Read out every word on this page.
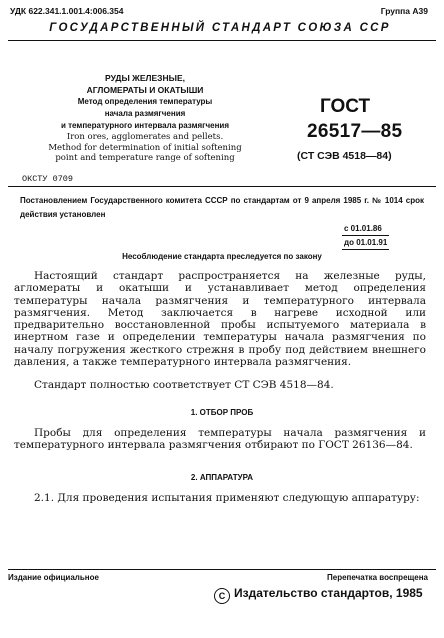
УДК 622.341.1.001.4:006.354	Группа А39
ГОСУДАРСТВЕННЫЙ СТАНДАРТ СОЮЗА ССР
РУДЫ ЖЕЛЕЗНЫЕ,
АГЛОМЕРАТЫ И ОКАТЫШИ
Метод определения температуры
начала размягчения
и температурного интервала размягчения
Iron ores, agglomerates and pellets.
Method for determination of initial softening
point and temperature range of softening
ГОСТ
26517—85
(СТ СЭВ 4518—84)
ОКСТУ 0709
Постановлением Государственного комитета СССР по стандартам от 9 апреля 1985 г. № 1014 срок действия установлен
с 01.01.86
до 01.01.91
Несоблюдение стандарта преследуется по закону
Настоящий стандарт распространяется на железные руды, агломераты и окатыши и устанавливает метод определения температуры начала размягчения и температурного интервала размягчения. Метод заключается в нагреве исходной или предварительно восстановленной пробы испытуемого материала в инертном газе и определении температуры начала размягчения по началу погружения жесткого стрежня в пробу под действием внешнего давления, а также температурного интервала размягчения.
Стандарт полностью соответствует СТ СЭВ 4518—84.
1. ОТБОР ПРОБ
Пробы для определения температуры начала размягчения и температурного интервала размягчения отбирают по ГОСТ 26136—84.
2. АППАРАТУРА
2.1. Для проведения испытания применяют следующую аппаратуру:
Издание официальное	Перепечатка воспрещена
C Издательство стандартов, 1985
